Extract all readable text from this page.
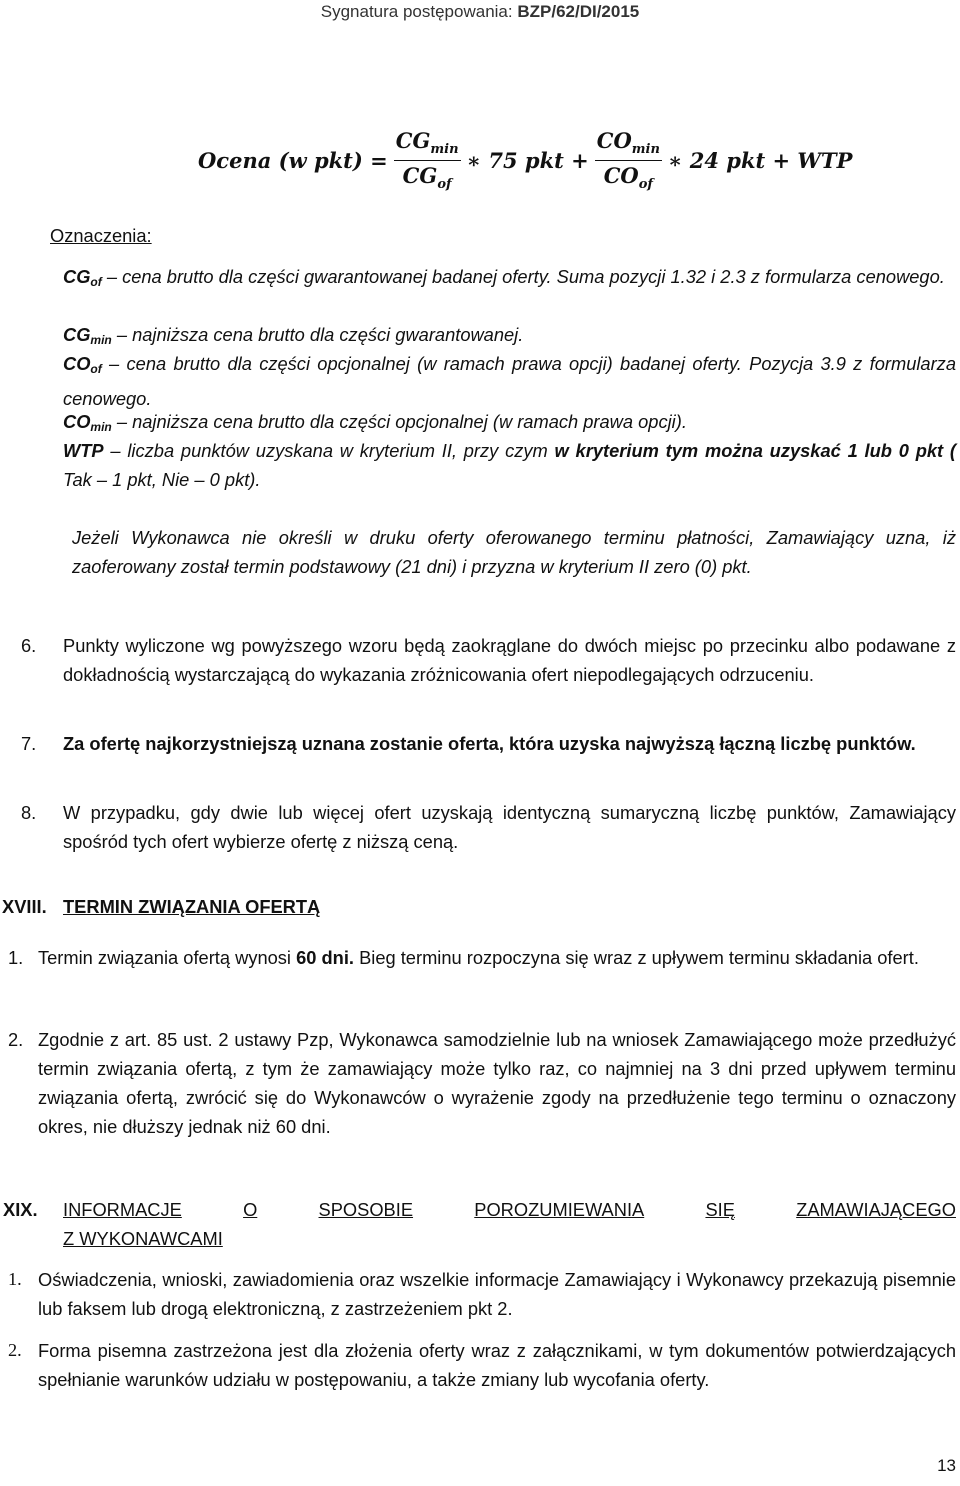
Sygnatura postępowania: BZP/62/DI/2015
Ocena (w $pkt) = \frac{CG_{min}}{CG_{of}}$ ∗ 75 pkt + $\frac{CO_{min}}{CO_{of}}$ ∗ 24 pkt + WTP
Oznaczenia:
$CG_{of}$ – cena brutto dla części gwarantowanej badanej oferty. Suma pozycji 1.32 i 2.3 z formularza cenowego.
$CG_{min}$ – najniższa cena brutto dla części gwarantowanej.
$CO_{of}$ – cena brutto dla części opcjonalnej (w ramach prawa opcji) badanej oferty. Pozycja 3.9 z formularza cenowego.
$CO_{min}$ – najniższa cena brutto dla części opcjonalnej (w ramach prawa opcji).
WTP – liczba punktów uzyskana w kryterium II, przy czym w kryterium tym można uzyskać 1 lub 0 pkt ( Tak – 1 pkt, Nie – 0 pkt).
Jeżeli Wykonawca nie określi w druku oferty oferowanego terminu płatności, Zamawiający uzna, iż zaoferowany został termin podstawowy (21 dni) i przyzna w kryterium II zero (0) pkt.
6. Punkty wyliczone wg powyższego wzoru będą zaokrąglane do dwóch miejsc po przecinku albo podawane z dokładnością wystarczającą do wykazania zróżnicowania ofert niepodlegających odrzuceniu.
7. Za ofertę najkorzystniejszą uznana zostanie oferta, która uzyska najwyższą łączną liczbę punktów.
8. W przypadku, gdy dwie lub więcej ofert uzyskają identyczną sumaryczną liczbę punktów, Zamawiający spośród tych ofert wybierze ofertę z niższą ceną.
XVIII. TERMIN ZWIĄZANIA OFERTĄ
1. Termin związania ofertą wynosi 60 dni. Bieg terminu rozpoczyna się wraz z upływem terminu składania ofert.
2. Zgodnie z art. 85 ust. 2 ustawy Pzp, Wykonawca samodzielnie lub na wniosek Zamawiającego może przedłużyć termin związania ofertą, z tym że zamawiający może tylko raz, co najmniej na 3 dni przed upływem terminu związania ofertą, zwrócić się do Wykonawców o wyrażenie zgody na przedłużenie tego terminu o oznaczony okres, nie dłuższy jednak niż 60 dni.
XIX. INFORMACJE	O	SPOSOBIE	POROZUMIEWANIA	SIĘ	ZAMAWIAJĄCEGO
Z WYKONAWCAMI
1. Oświadczenia, wnioski, zawiadomienia oraz wszelkie informacje Zamawiający i Wykonawcy przekazują pisemnie lub faksem lub drogą elektroniczną, z zastrzeżeniem pkt 2.
2. Forma pisemna zastrzeżona jest dla złożenia oferty wraz z załącznikami, w tym dokumentów potwierdzających spełnianie warunków udziału w postępowaniu, a także zmiany lub wycofania oferty.
13
